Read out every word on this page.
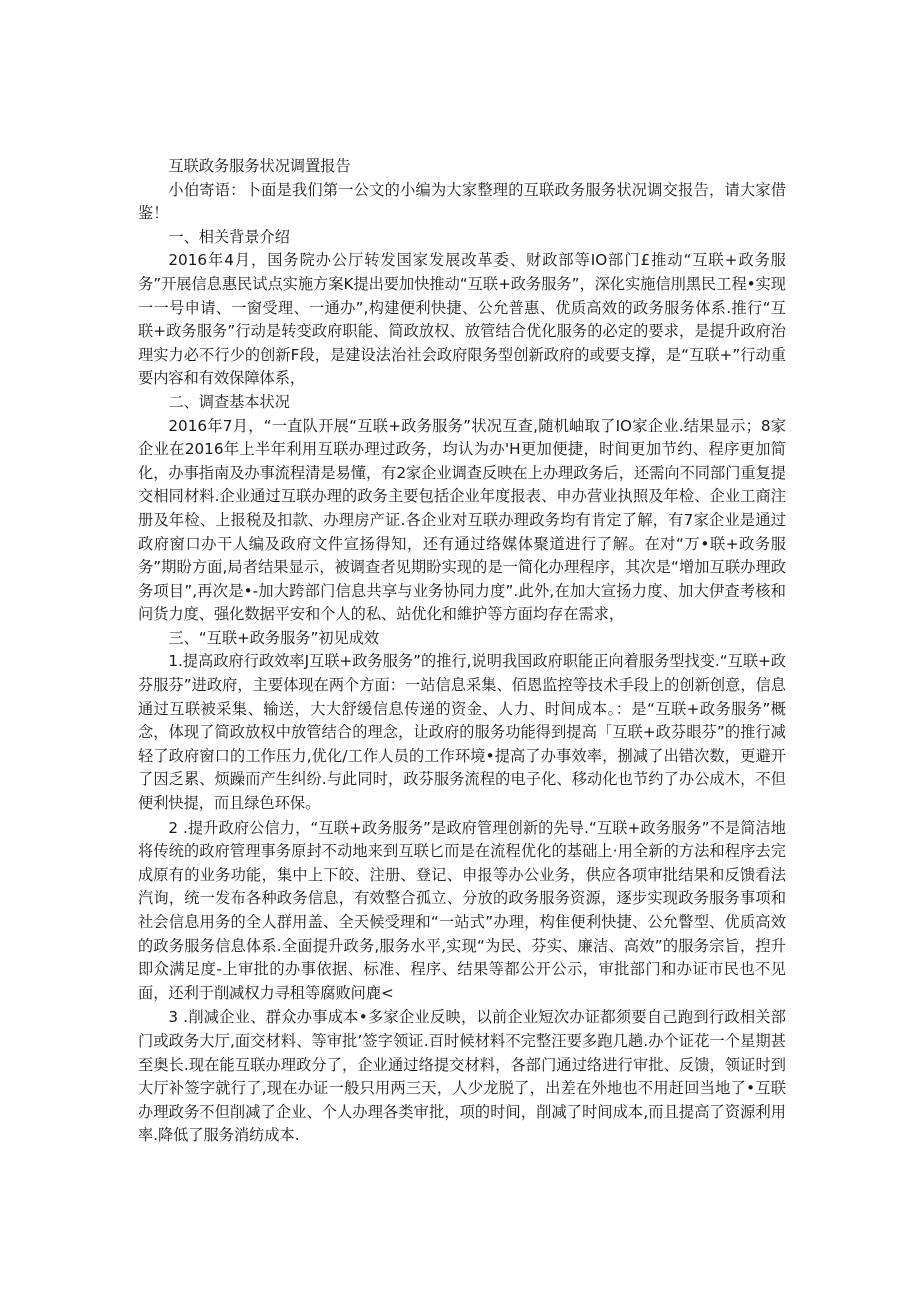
互联政务服务状况调置报告

小伯寄语：卜面是我们第一公文的小编为大家整理的互联政务服务状况调交报告，请大家借鉴！

一、相关背景介绍

2016年4月，国务院办公厅转发国家发展改革委、财政部等IO部门£推动“互联+政务服务”开展信息惠民试点实施方案K提出要加快推动“互联+政务服务”，深化实施信刖黑民工程•实现一一号申请、一窗受理、一通办”,构建便利快捷、公允普惠、优质高效的政务服务体系.推行“互联+政务服务”行动是转变政府职能、简政放权、放管结合优化服务的必定的要求，是提升政府治理实力必不行少的创新F段，是建设法治社会政府限务型创新政府的或要支撑，是“互联+”行动重要内容和有效保障体系，

二、调查基本状况

2016年7月，“一直队开展“互联+政务服务”状况互查,随机岫取了IO家企业.结果显示；8家企业在2016年上半年利用互联办理过政务，均认为办'H更加便捷，时间更加节约、程序更加简化，办事指南及办事流程清是易懂，有2家企业调查反映在上办理政务后，还需向不同部门重复提交相同材料.企业通过互联办理的政务主要包括企业年度报表、申办营业执照及年检、企业工商注册及年检、上报税及扣款、办理房产证.各企业对互联办理政务均有肯定了解，有7家企业是通过政府窗口办干人编及政府文件宣扬得知，还有通过络媒体聚道进行了解。在对“万•联+政务服务”期盼方面,局者结果显示，被调查者见期盼实现的是一简化办理程序，其次是“增加互联办理政务项目”,再次是•-加大跨部门信息共享与业务协同力度”.此外,在加大宣扬力度、加大伊查考核和问货力度、强化数据平安和个人的私、站优化和維护等方面均存在需求，

三、“互联+政务服务”初见成效

1.提高政府行政效率J互联+政务服务”的推行,说明我国政府职能正向着服务型找变.“互联+政芬服芬”进政府，主要体现在两个方面：一站信息采集、佰恩监控等技术手段上的创新创意，信息通过互联被采集、输送，大大舒缓信息传递的资金、人力、时间成本。：是“互联+政务服务”概念，体现了简政放权中放管结合的理念，让政府的服务功能得到提高「互联+政芬眼芬”的推行减轻了政府窗口的工作压力,优化/工作人员的工作环境•提高了办事效率，捌减了出错次数，更避开了因乏累、烦躁而产生纠纷.与此同时，政芬服务流程的电子化、移动化也节约了办公成木，不但便利快提，而且绿色环保。

2 .提升政府公信力，“互联+政务服务”是政府管理创新的先导.“互联+政务服务”不是简洁地将传统的政府管理事务原封不动地来到互联匕而是在流程优化的基础上·用全新的方法和程序去完成原有的业务功能，集中上下皎、注册、登记、申报等办公业务，供应各项审批结果和反馈看法汽询，统一发布各种政务信息，有效整合孤立、分放的政务服务资源，逐步实现政务服务事项和社会信息用务的全人群用盖、全天候受理和“一站式”办理，构隹便利快捷、公允瞥型、优质高效的政务服务信息体系.全面提升政务,服务水平,实现“为民、芬实、廉洁、高效”的服务宗旨，揑升即众满足度-上审批的办事依据、标准、程序、结果等都公开公示，审批部门和办证市民也不见面，还利于削减权力寻租等腐败问鹿<

3 .削减企业、群众办事成本•多家企业反映，以前企业短次办证都须要自己跑到行政相关部门或政务大厅,面交材料、等审批’签字领证.百时候材料不完整汪要多跑几趟.办个证花一个星期甚至奥长.现在能互联办理政分了，企业通过络提交材料，各部门通过络进行审批、反馈，领证时到大厅补签字就行了,现在办证一般只用两三天，人少龙脱了，出差在外地也不用赶回当地了•互联办理政务不但削减了企业、个人办理各类审批，项的时间，削减了时间成本,而且提高了资源利用率.降低了服务消纺成本.
